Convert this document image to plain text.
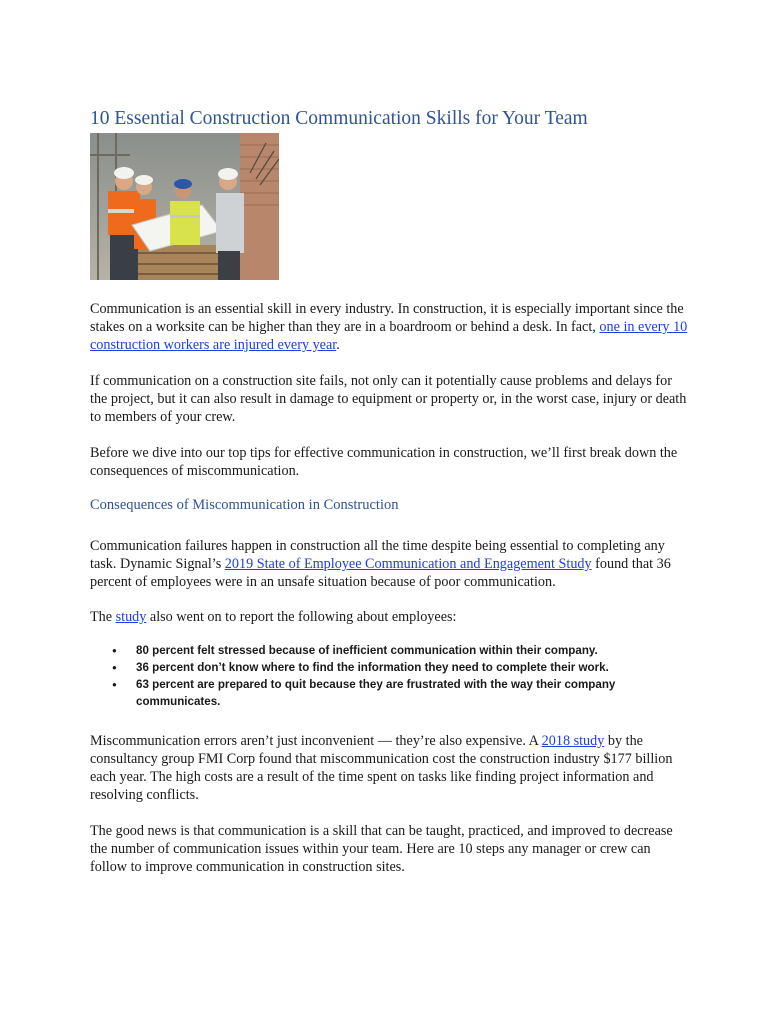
10 Essential Construction Communication Skills for Your Team

Communication is an essential skill in every industry. In construction, it is especially important since the stakes on a worksite can be higher than they are in a boardroom or behind a desk. In fact, one in every 10 construction workers are injured every year.

If communication on a construction site fails, not only can it potentially cause problems and delays for the project, but it can also result in damage to equipment or property or, in the worst case, injury or death to members of your crew.

Before we dive into our top tips for effective communication in construction, we’ll first break down the consequences of miscommunication.

Consequences of Miscommunication in Construction

Communication failures happen in construction all the time despite being essential to completing any task. Dynamic Signal’s 2019 State of Employee Communication and Engagement Study found that 36 percent of employees were in an unsafe situation because of poor communication.

The study also went on to report the following about employees:

● 80 percent felt stressed because of inefficient communication within their company.
● 36 percent don’t know where to find the information they need to complete their work.
● 63 percent are prepared to quit because they are frustrated with the way their company
communicates.

Miscommunication errors aren’t just inconvenient — they’re also expensive. A 2018 study by the consultancy group FMI Corp found that miscommunication cost the construction industry $177 billion each year. The high costs are a result of the time spent on tasks like finding project information and resolving conflicts.

The good news is that communication is a skill that can be taught, practiced, and improved to decrease the number of communication issues within your team. Here are 10 steps any manager or crew can follow to improve communication in construction sites.
